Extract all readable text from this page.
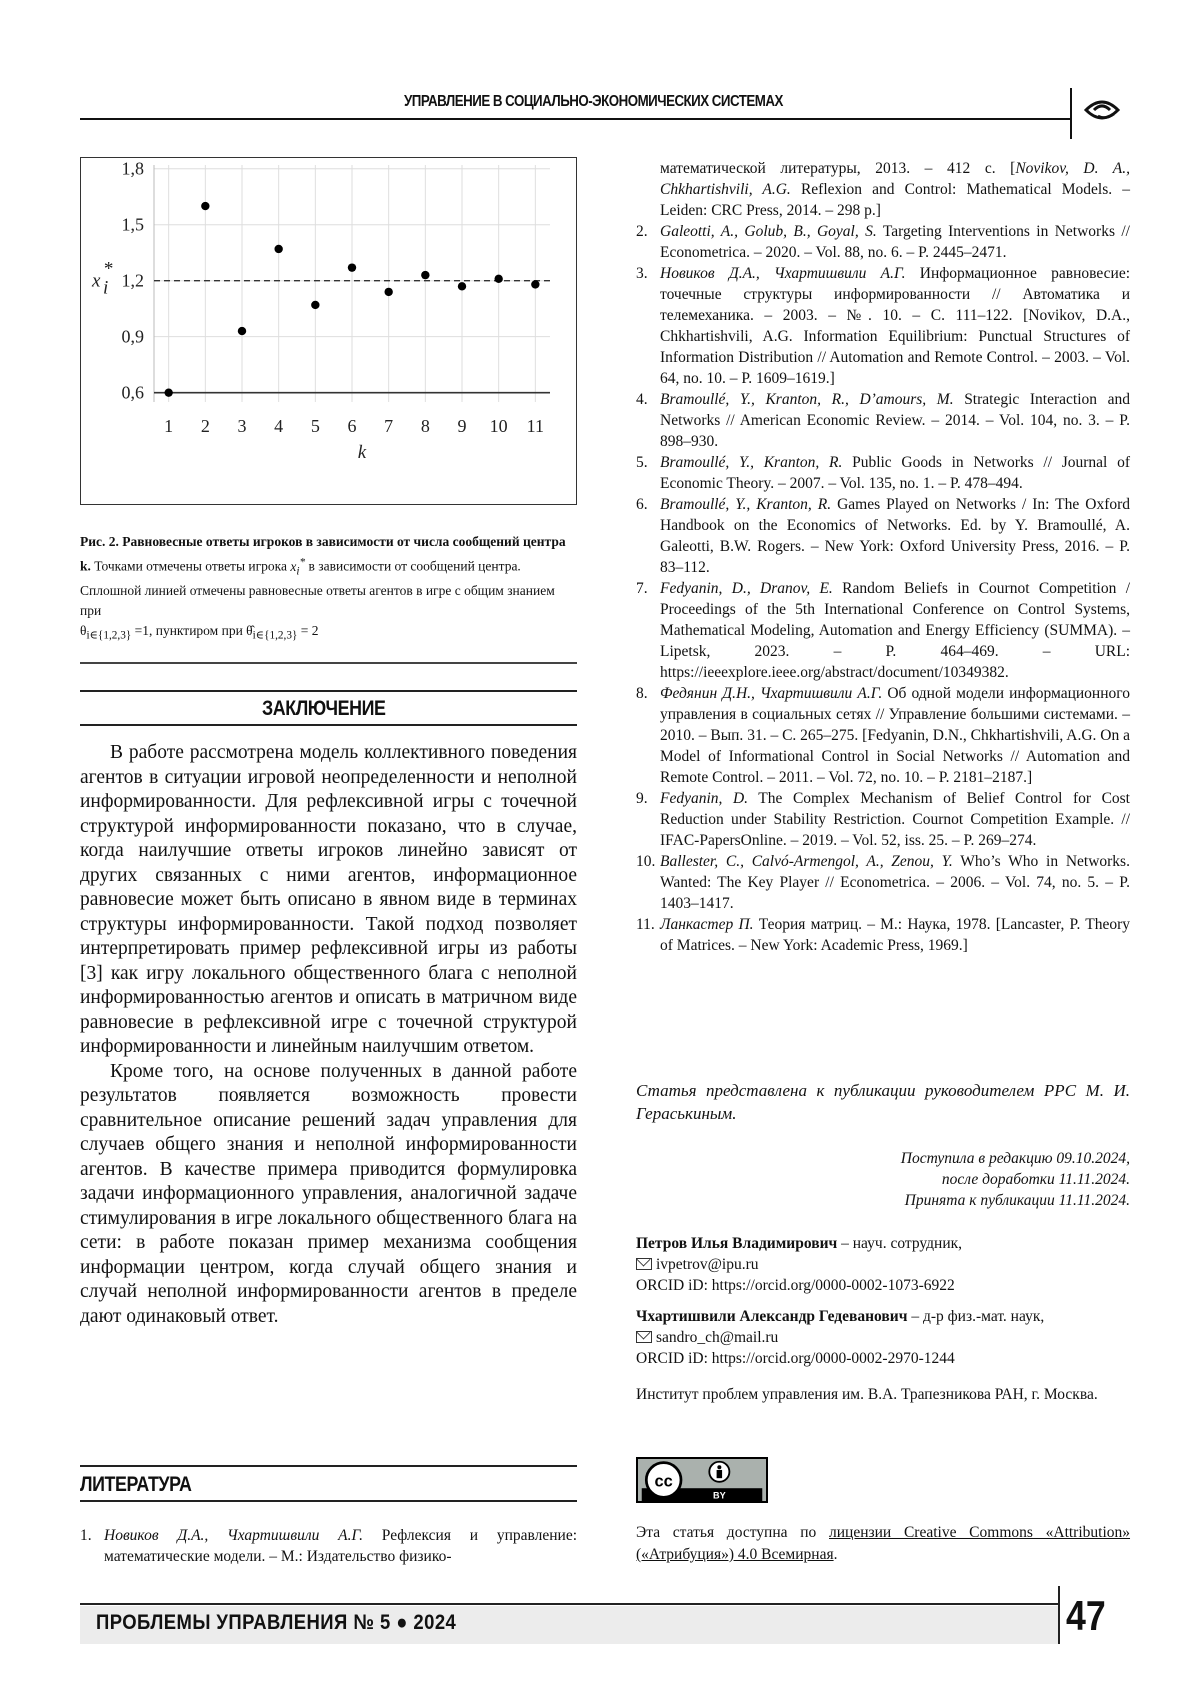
УПРАВЛЕНИЕ В СОЦИАЛЬНО-ЭКОНОМИЧЕСКИХ СИСТЕМАХ
0,6
0,9
1,2
1,5
1,8
1 2 3 4 5 6 7 8 9 10 11
k
x i
*
Рис. 2. Равновесные ответы игроков в зависимости от числа сообщений центра k. Точками отмечены ответы игрока $x_i^*$ в зависимости от сообщений центра. Сплошной линией отмечены равновесные ответы агентов в игре с общим знанием при
$\theta_{i\in\{1,2,3\}} =1$, пунктиром при $\thetâ_{i\in\{1,2,3\}} = 2$
ЗАКЛЮЧЕНИЕ

В работе рассмотрена модель коллективного поведения агентов в ситуации игровой неопределенности и неполной информированности. Для рефлексивной игры с точечной структурой информированности показано, что в случае, когда наилучшие ответы игроков линейно зависят от других связанных с ними агентов, информационное равновесие может быть описано в явном виде в терминах структуры информированности. Такой подход позволяет интерпретировать пример рефлексивной игры из работы [3] как игру локального общественного блага с неполной информированностью агентов и описать в матричном виде равновесие в рефлексивной игре с точечной структурой информированности и линейным наилучшим ответом.

Кроме того, на основе полученных в данной работе результатов появляется возможность провести сравнительное описание решений задач управления для случаев общего знания и неполной информированности агентов. В качестве примера приводится формулировка задачи информационного управления, аналогичной задаче стимулирования в игре локального общественного блага на сети: в работе показан пример механизма сообщения информации центром, когда случай общего знания и случай неполной информированности агентов в пределе дают одинаковый ответ.

ЛИТЕРАТУРА
1. Новиков Д.А., Чхартишвили А.Г. Рефлексия и управление: математические модели. – М.: Издательство физико-
математической литературы, 2013. – 412 с. [Novikov, D. A., Chkhartishvili, A.G. Reflexion and Control: Mathematical Models. – Leiden: CRC Press, 2014. – 298 p.]
2. Galeotti, A., Golub, B., Goyal, S. Targeting Interventions in Networks // Econometrica. – 2020. – Vol. 88, no. 6. – P. 2445–2471.
3. Новиков Д.А., Чхартишвили А.Г. Информационное равновесие: точечные структуры информированности // Автоматика и телемеханика. – 2003. – №. 10. – С. 111–122. [Novikov, D.A., Chkhartishvili, A.G. Information Equilibrium: Punctual Structures of Information Distribution // Automation and Remote Control. – 2003. – Vol. 64, no. 10. – P. 1609–1619.]
4. Bramoullé, Y., Kranton, R., D’amours, M. Strategic Interaction and Networks // American Economic Review. – 2014. – Vol. 104, no. 3. – P. 898–930.
5. Bramoullé, Y., Kranton, R. Public Goods in Networks // Journal of Economic Theory. – 2007. – Vol. 135, no. 1. – P. 478–494.
6. Bramoullé, Y., Kranton, R. Games Played on Networks / In: The Oxford Handbook on the Economics of Networks. Ed. by Y. Bramoullé, A. Galeotti, B.W. Rogers. – New York: Oxford University Press, 2016. – P. 83–112.
7. Fedyanin, D., Dranov, E. Random Beliefs in Cournot Competition / Proceedings of the 5th International Conference on Control Systems, Mathematical Modeling, Automation and Energy Efficiency (SUMMA). – Lipetsk, 2023. – P. 464–469. – URL: https://ieeexplore.ieee.org/abstract/document/10349382.
8. Федянин Д.Н., Чхартишвили А.Г. Об одной модели информационного управления в социальных сетях // Управление большими системами. – 2010. – Вып. 31. – С. 265–275. [Fedyanin, D.N., Chkhartishvili, A.G. On a Model of Informational Control in Social Networks // Automation and Remote Control. – 2011. – Vol. 72, no. 10. – P. 2181–2187.]
9. Fedyanin, D. The Complex Mechanism of Belief Control for Cost Reduction under Stability Restriction. Cournot Competition Example. // IFAC-PapersOnline. – 2019. – Vol. 52, iss. 25. – P. 269–274.
10. Ballester, C., Calvó-Armengol, A., Zenou, Y. Who’s Who in Networks. Wanted: The Key Player // Econometrica. – 2006. – Vol. 74, no. 5. – P. 1403–1417.
11. Ланкастер П. Теория матриц. – М.: Наука, 1978. [Lancaster, P. Theory of Matrices. – New York: Academic Press, 1969.]
Статья представлена к публикации руководителем РРС М. И. Гераськиным.
Поступила в редакцию 09.10.2024,
после доработки 11.11.2024.
Принята к публикации 11.11.2024.
Петров Илья Владимирович – науч. сотрудник,
ivpetrov@ipu.ru
ORCID iD: https://orcid.org/0000-0002-1073-6922
Чхартишвили Александр Гедеванович – д-р физ.-мат. наук,
sandro_ch@mail.ru
ORCID iD: https://orcid.org/0000-0002-2970-1244
Институт проблем управления им. В.А. Трапезникова РАН, г. Москва.
cc
BY
Эта статья доступна по лицензии Creative Commons «Attribution» («Атрибуция») 4.0 Всемирная.
ПРОБЛЕМЫ УПРАВЛЕНИЯ № 5 ● 2024	47
